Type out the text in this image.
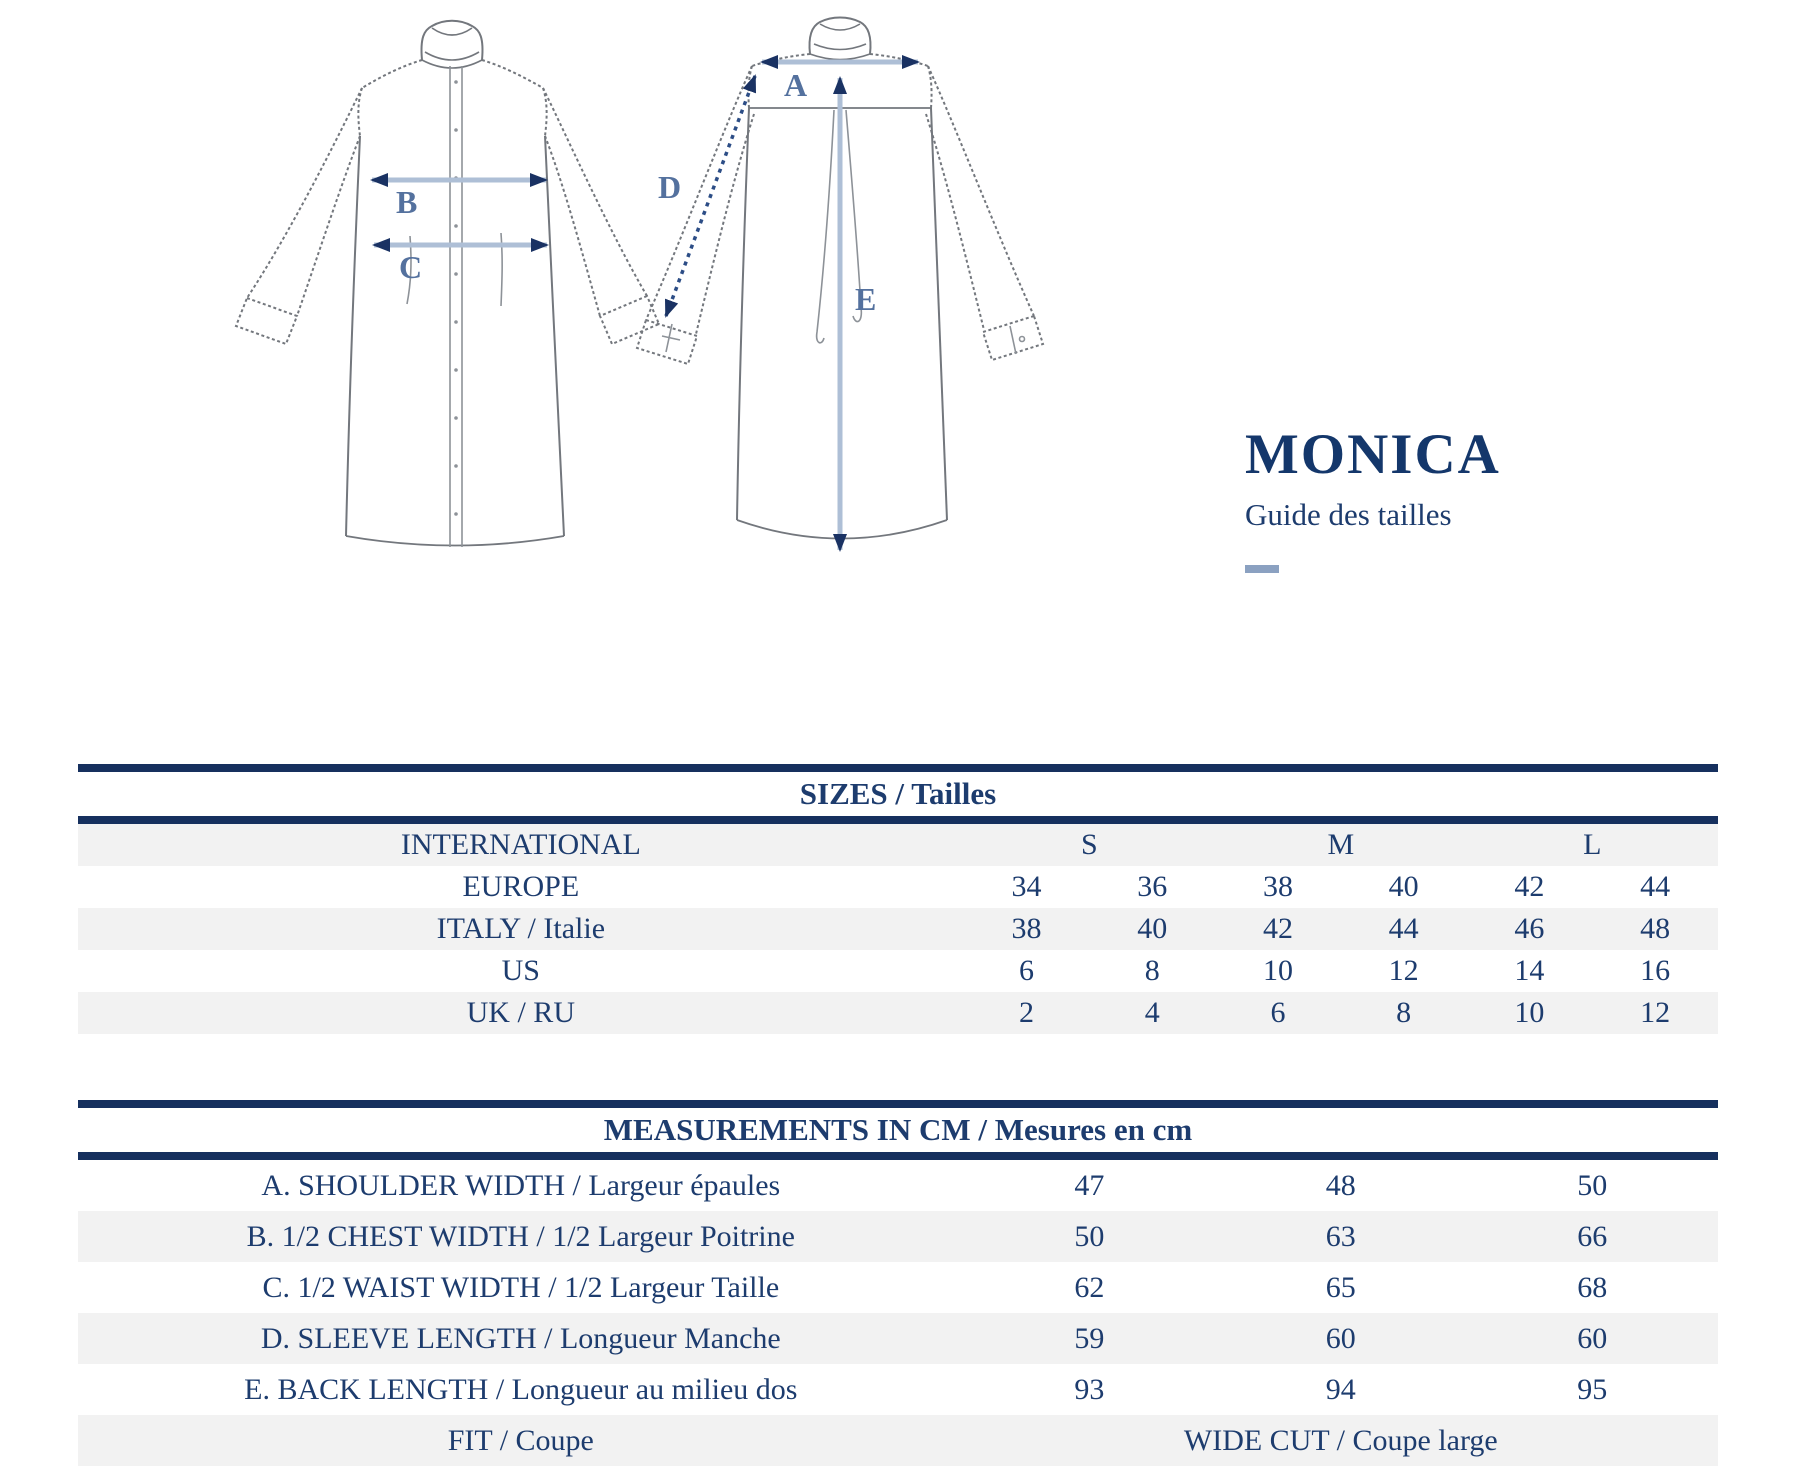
B
C
A
D
E
MONICA
Guide des tailles
SIZES / Tailles						
INTERNATIONAL	S		M		L	
EUROPE	34	36	38	40	42	44
ITALY / Italie	38	40	42	44	46	48
US	6	8	10	12	14	16
UK / RU	2	4	6	8	10	12
MEASUREMENTS IN CM / Mesures en cm			
A. SHOULDER WIDTH / Largeur épaules	47	48	50
B. 1/2 CHEST WIDTH / 1/2 Largeur Poitrine	50	63	66
C. 1/2 WAIST WIDTH / 1/2 Largeur Taille	62	65	68
D. SLEEVE LENGTH / Longueur Manche	59	60	60
E. BACK LENGTH / Longueur au milieu dos	93	94	95
FIT / Coupe	WIDE CUT / Coupe large		
